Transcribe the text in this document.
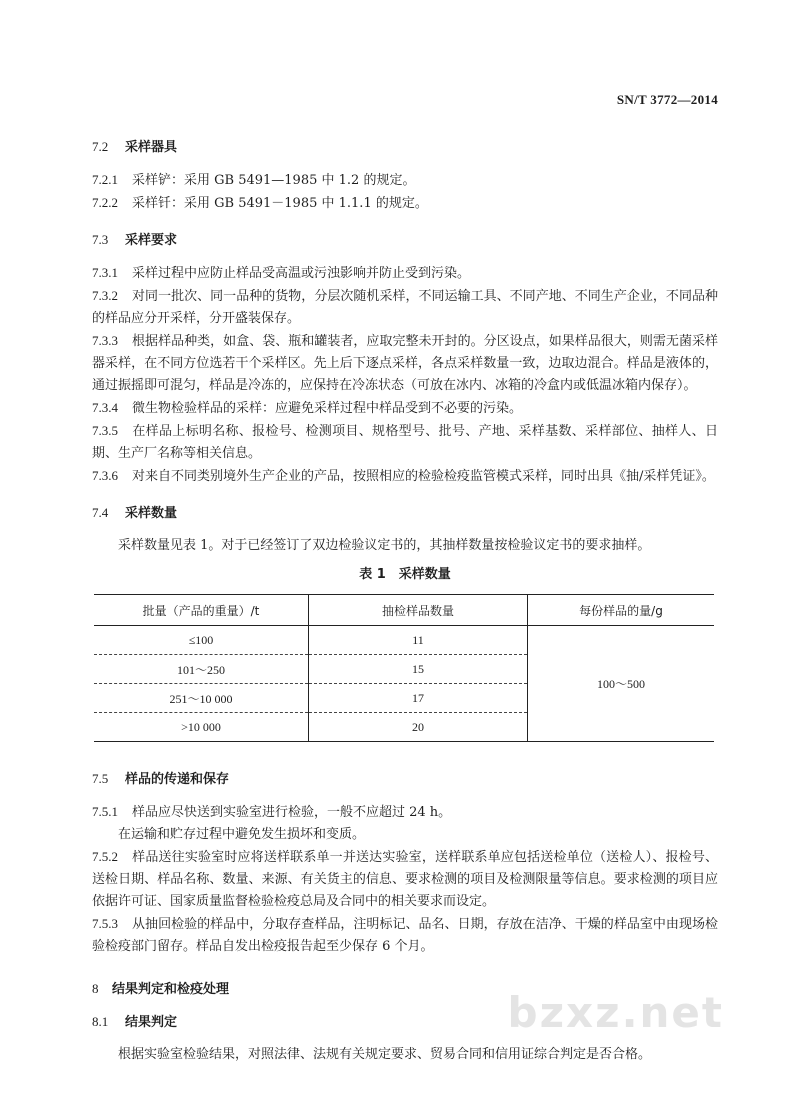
SN/T 3772—2014
7.2 采样器具

7.2.1 采样铲：采用 GB 5491—1985 中 1.2 的规定。

7.2.2 采样钎：采用 GB 5491－1985 中 1.1.1 的规定。

7.3 采样要求

7.3.1 采样过程中应防止样品受高温或污浊影响并防止受到污染。

7.3.2 对同一批次、同一品种的货物，分层次随机采样，不同运输工具、不同产地、不同生产企业，不同品种的样品应分开采样，分开盛装保存。

7.3.3 根据样品种类，如盒、袋、瓶和罐装者，应取完整未开封的。分区设点，如果样品很大，则需无菌采样器采样，在不同方位选若干个采样区。先上后下逐点采样，各点采样数量一致，边取边混合。样品是液体的，通过振摇即可混匀，样品是冷冻的，应保持在冷冻状态（可放在冰内、冰箱的冷盒内或低温冰箱内保存）。

7.3.4 微生物检验样品的采样：应避免采样过程中样品受到不必要的污染。

7.3.5 在样品上标明名称、报检号、检测项目、规格型号、批号、产地、采样基数、采样部位、抽样人、日期、生产厂名称等相关信息。

7.3.6 对来自不同类别境外生产企业的产品，按照相应的检验检疫监管模式采样，同时出具《抽/采样凭证》。

7.4 采样数量

采样数量见表 1。对于已经签订了双边检验议定书的，其抽样数量按检验议定书的要求抽样。

表 1　采样数量
批量（产品的重量）/t	抽检样品数量	每份样品的量/g
≤100	11	100～500
101～250	15	
251～10 000	17	
>10 000	20	
7.5 样品的传递和保存

7.5.1 样品应尽快送到实验室进行检验，一般不应超过 24 h。

在运输和贮存过程中避免发生损坏和变质。

7.5.2 样品送往实验室时应将送样联系单一并送达实验室，送样联系单应包括送检单位（送检人）、报检号、送检日期、样品名称、数量、来源、有关货主的信息、要求检测的项目及检测限量等信息。要求检测的项目应依据许可证、国家质量监督检验检疫总局及合同中的相关要求而设定。

7.5.3 从抽回检验的样品中，分取存查样品，注明标记、品名、日期，存放在洁净、干燥的样品室中由现场检验检疫部门留存。样品自发出检疫报告起至少保存 6 个月。

8 结果判定和检疫处理
8.1 结果判定

根据实验室检验结果，对照法律、法规有关规定要求、贸易合同和信用证综合判定是否合格。

bzxz.net
